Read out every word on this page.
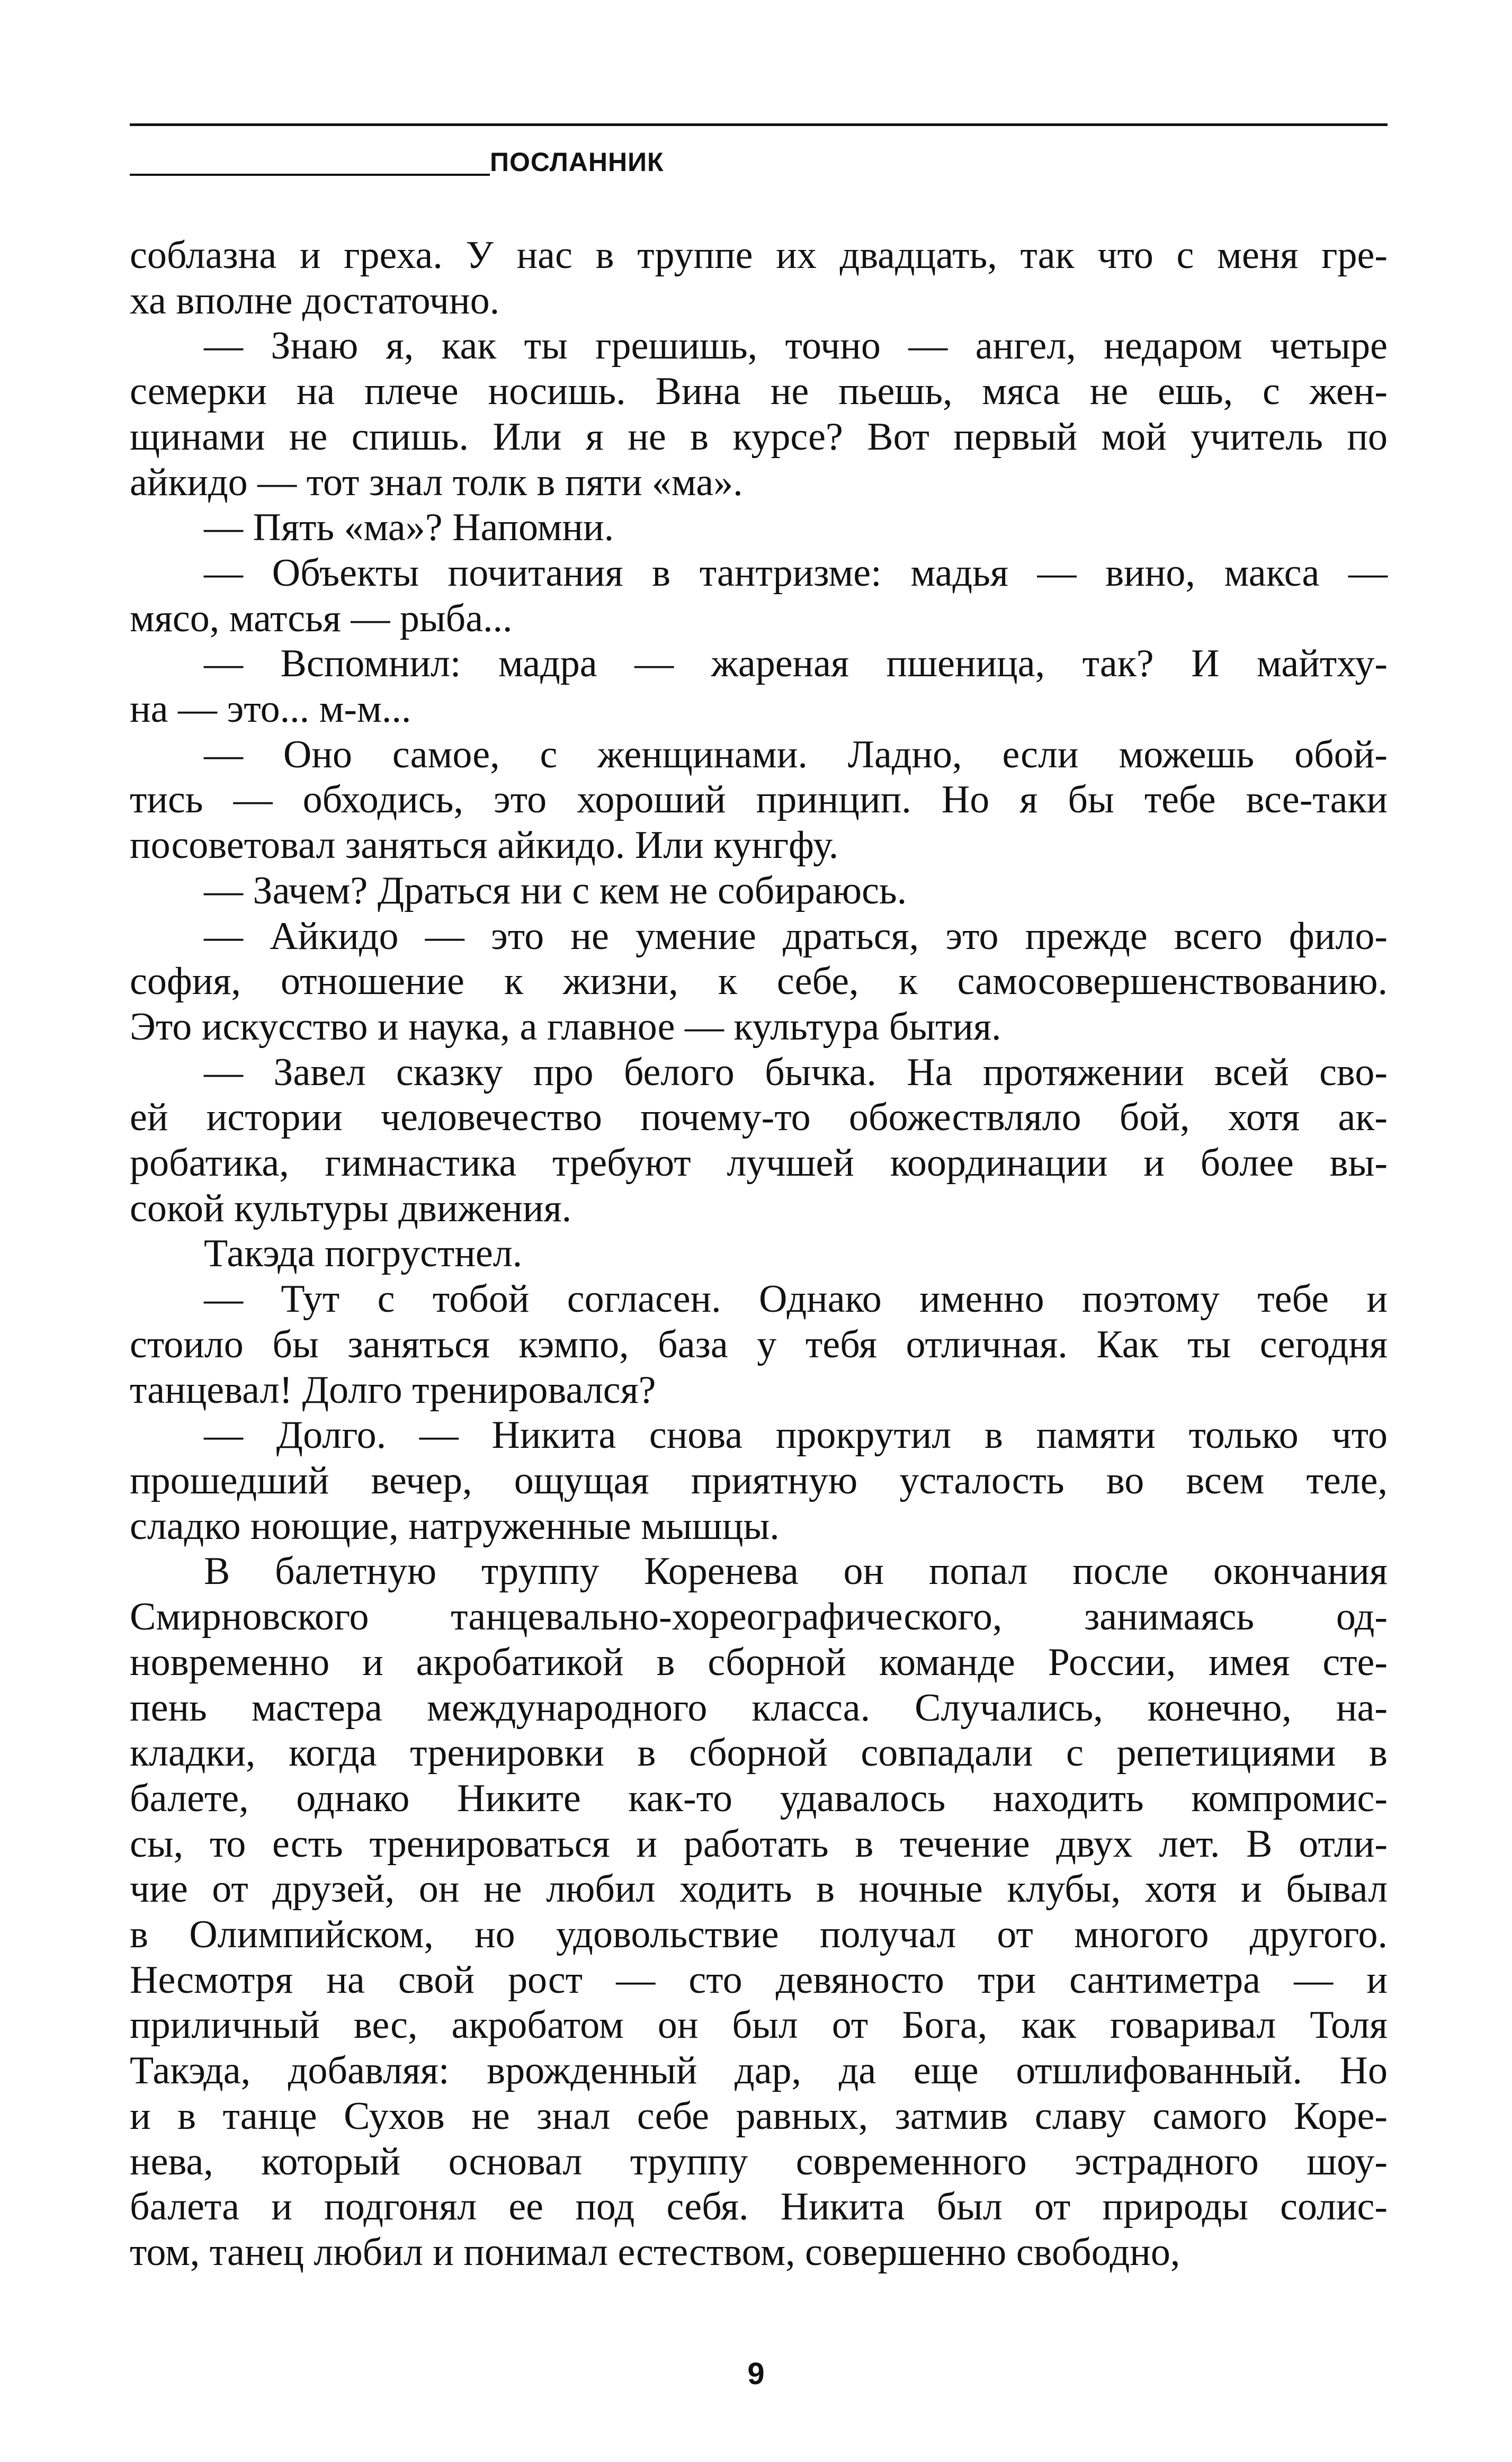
ПОСЛАННИК

соблазна и греха. У нас в труппе их двадцать, так что с меня гре-
ха вполне достаточно.

— Знаю я, как ты грешишь, точно — ангел, недаром четыре
семерки на плече носишь. Вина не пьешь, мяса не ешь, с жен-
щинами не спишь. Или я не в курсе? Вот первый мой учитель по
айкидо — тот знал толк в пяти «ма».

— Пять «ма»? Напомни.

— Объекты почитания в тантризме: мадья — вино, макса —
мясо, матсья — рыба...

— Вспомнил: мадра — жареная пшеница, так? И майтху-
на — это... м-м...

— Оно самое, с женщинами. Ладно, если можешь обой-
тись — обходись, это хороший принцип. Но я бы тебе все-таки
посоветовал заняться айкидо. Или кунгфу.

— Зачем? Драться ни с кем не собираюсь.

— Айкидо — это не умение драться, это прежде всего фило-
софия, отношение к жизни, к себе, к самосовершенствованию.
Это искусство и наука, а главное — культура бытия.

— Завел сказку про белого бычка. На протяжении всей сво-
ей истории человечество почему-то обожествляло бой, хотя ак-
робатика, гимнастика требуют лучшей координации и более вы-
сокой культуры движения.

Такэда погрустнел.

— Тут с тобой согласен. Однако именно поэтому тебе и
стоило бы заняться кэмпо, база у тебя отличная. Как ты сегодня
танцевал! Долго тренировался?

— Долго. — Никита снова прокрутил в памяти только что
прошедший вечер, ощущая приятную усталость во всем теле,
сладко ноющие, натруженные мышцы.

В балетную труппу Коренева он попал после окончания
Смирновского танцевально-хореографического, занимаясь од-
новременно и акробатикой в сборной команде России, имея сте-
пень мастера международного класса. Случались, конечно, на-
кладки, когда тренировки в сборной совпадали с репетициями в
балете, однако Никите как-то удавалось находить компромис-
сы, то есть тренироваться и работать в течение двух лет. В отли-
чие от друзей, он не любил ходить в ночные клубы, хотя и бывал
в Олимпийском, но удовольствие получал от многого другого.
Несмотря на свой рост — сто девяносто три сантиметра — и
приличный вес, акробатом он был от Бога, как говаривал Толя
Такэда, добавляя: врожденный дар, да еще отшлифованный. Но
и в танце Сухов не знал себе равных, затмив славу самого Коре-
нева, который основал труппу современного эстрадного шоу-
балета и подгонял ее под себя. Никита был от природы солис-
том, танец любил и понимал естеством, совершенно свободно,

9
